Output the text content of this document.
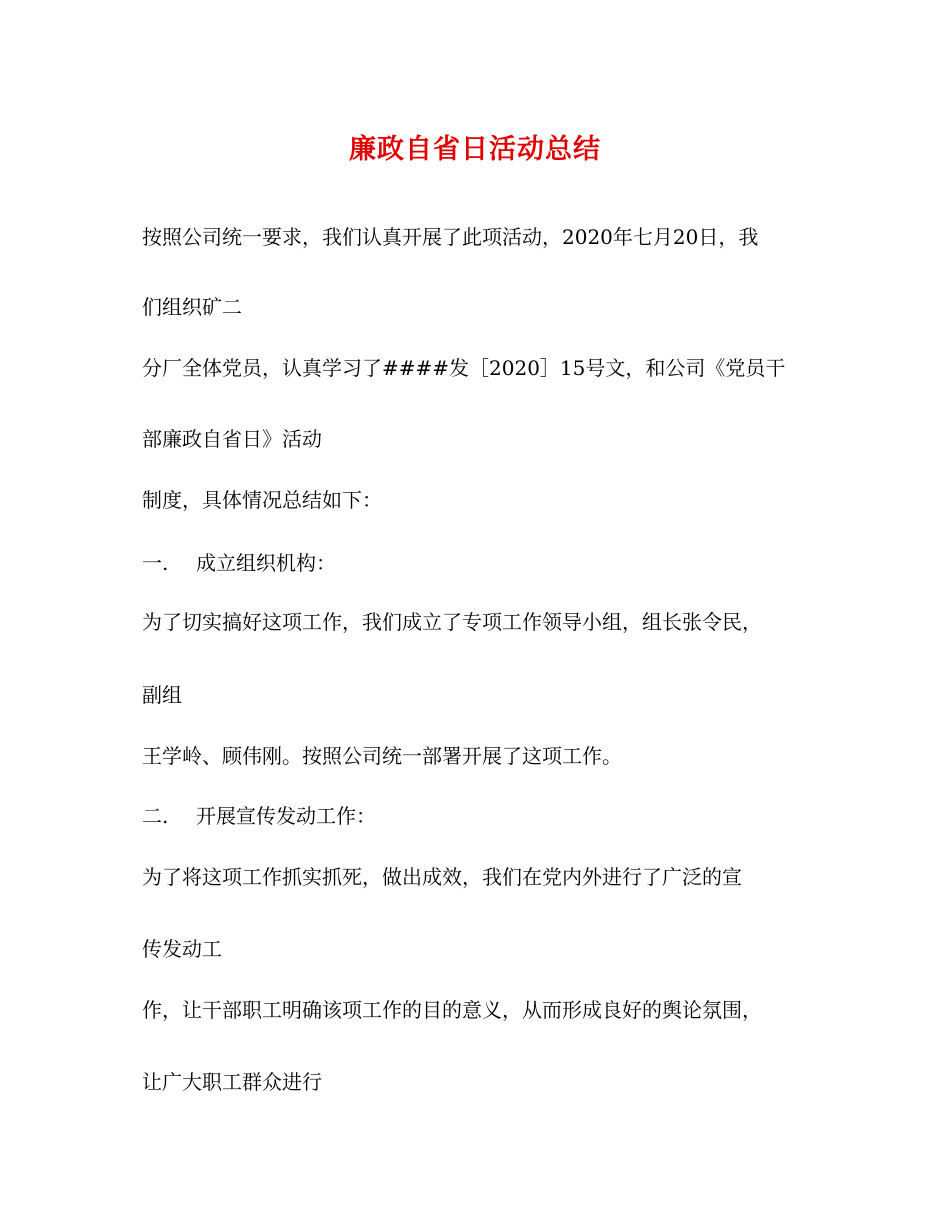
廉政自省日活动总结
按照公司统一要求，我们认真开展了此项活动，2020年七月20日，我
们组织矿二
分厂全体党员，认真学习了####发［2020］15号文，和公司《党员干
部廉政自省日》活动
制度，具体情况总结如下：
一. 成立组织机构：
为了切实搞好这项工作，我们成立了专项工作领导小组，组长张令民，
副组
王学岭、顾伟刚。按照公司统一部署开展了这项工作。
二. 开展宣传发动工作：
为了将这项工作抓实抓死，做出成效，我们在党内外进行了广泛的宣
传发动工
作，让干部职工明确该项工作的目的意义，从而形成良好的舆论氛围，
让广大职工群众进行
